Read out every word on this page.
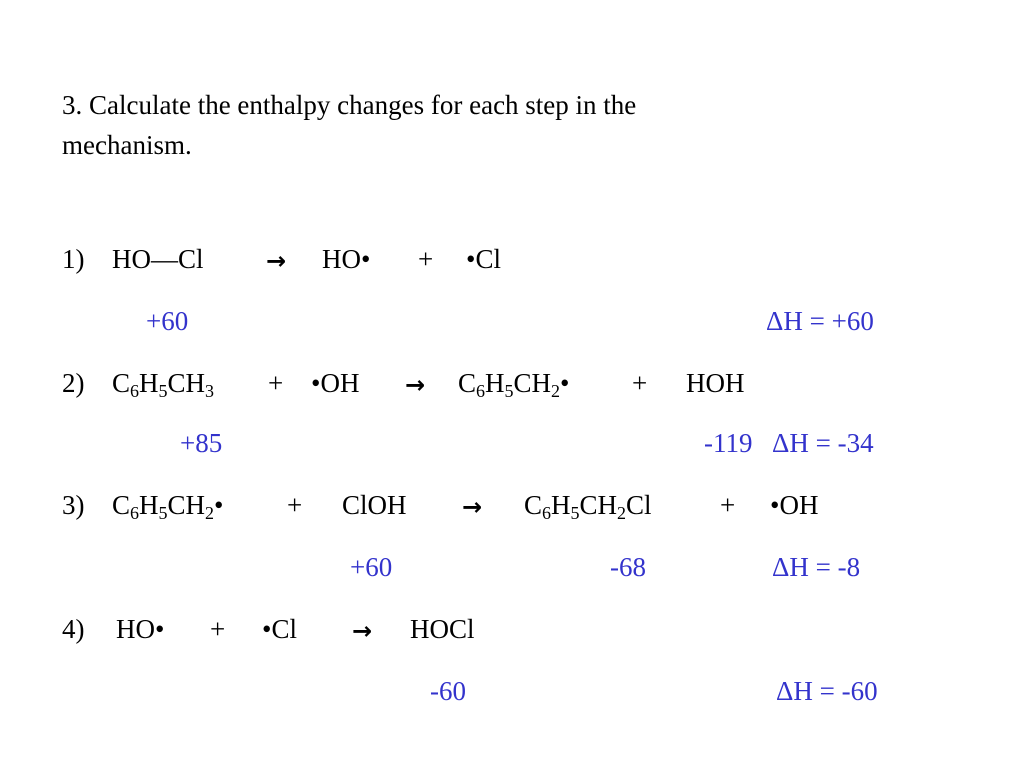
3. Calculate the enthalpy changes for each step in the
mechanism.
1) HO—Cl	→ HO• + •Cl
+60	ΔH = +60
2) $C_6H_5CH_3$ + •OH → $C_6H_5CH_2•$ + HOH
+85	-119 ΔH = -34
3) $C_6H_5CH_2•$ + ClOH → $C_6H_5CH_2Cl$	+ •OH
+60	-68	ΔH = -8
4) HO• + •Cl → HOCl
-60	ΔH = -60
